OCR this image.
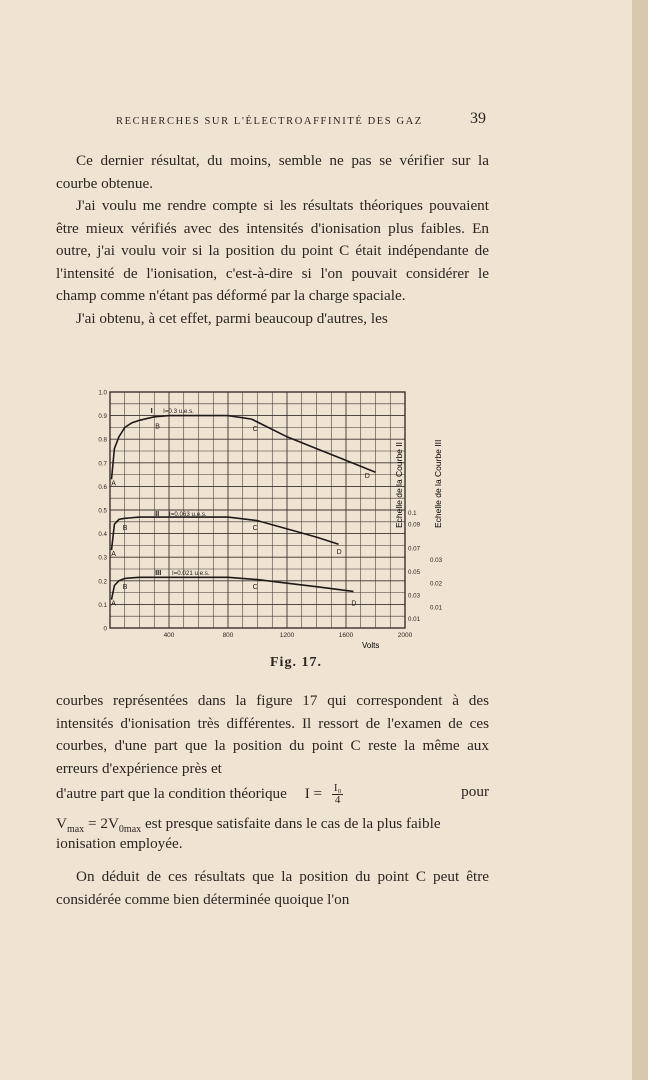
RECHERCHES SUR L'ÉLECTROAFFINITÉ DES GAZ	39
Ce dernier résultat, du moins, semble ne pas se vérifier sur la courbe obtenue.
J'ai voulu me rendre compte si les résultats théoriques pouvaient être mieux vérifiés avec des intensités d'ionisation plus faibles. En outre, j'ai voulu voir si la position du point C était indépendante de l'intensité de l'ionisation, c'est-à-dire si l'on pouvait considérer le champ comme n'étant pas déformé par la charge spaciale.
J'ai obtenu, à cet effet, parmi beaucoup d'autres, les
0
0.1
0.2
0.3
0.4
0.5
0.6
0.7
0.8
0.9
1.0
400	800	1200	1600	2000
0.01
0.03
0.05
0.07
0.09
0.1
0.01
0.02
0.03
I I=0.3 u.e.s.
A
B	C
D
II I=0.063 u.e.s.
A
B	C
D
III I=0.021 u.e.s.
A
B	C
D
Volts
Echelle de la Courbe II	Echelle de la Courbe III
Fig. 17.
courbes représentées dans la figure 17 qui correspondent à des intensités d'ionisation très différentes. Il ressort de l'examen de ces courbes, d'une part que la position du point C reste la même aux erreurs d'expérience près et
d'autre part que la condition théorique $I = \frac{\text{I₀}}{4}$	pour
$V_{max} = 2V_{0max}$ est presque satisfaite dans le cas de la plus faible ionisation employée.
On déduit de ces résultats que la position du point C peut être considérée comme bien déterminée quoique l'on
